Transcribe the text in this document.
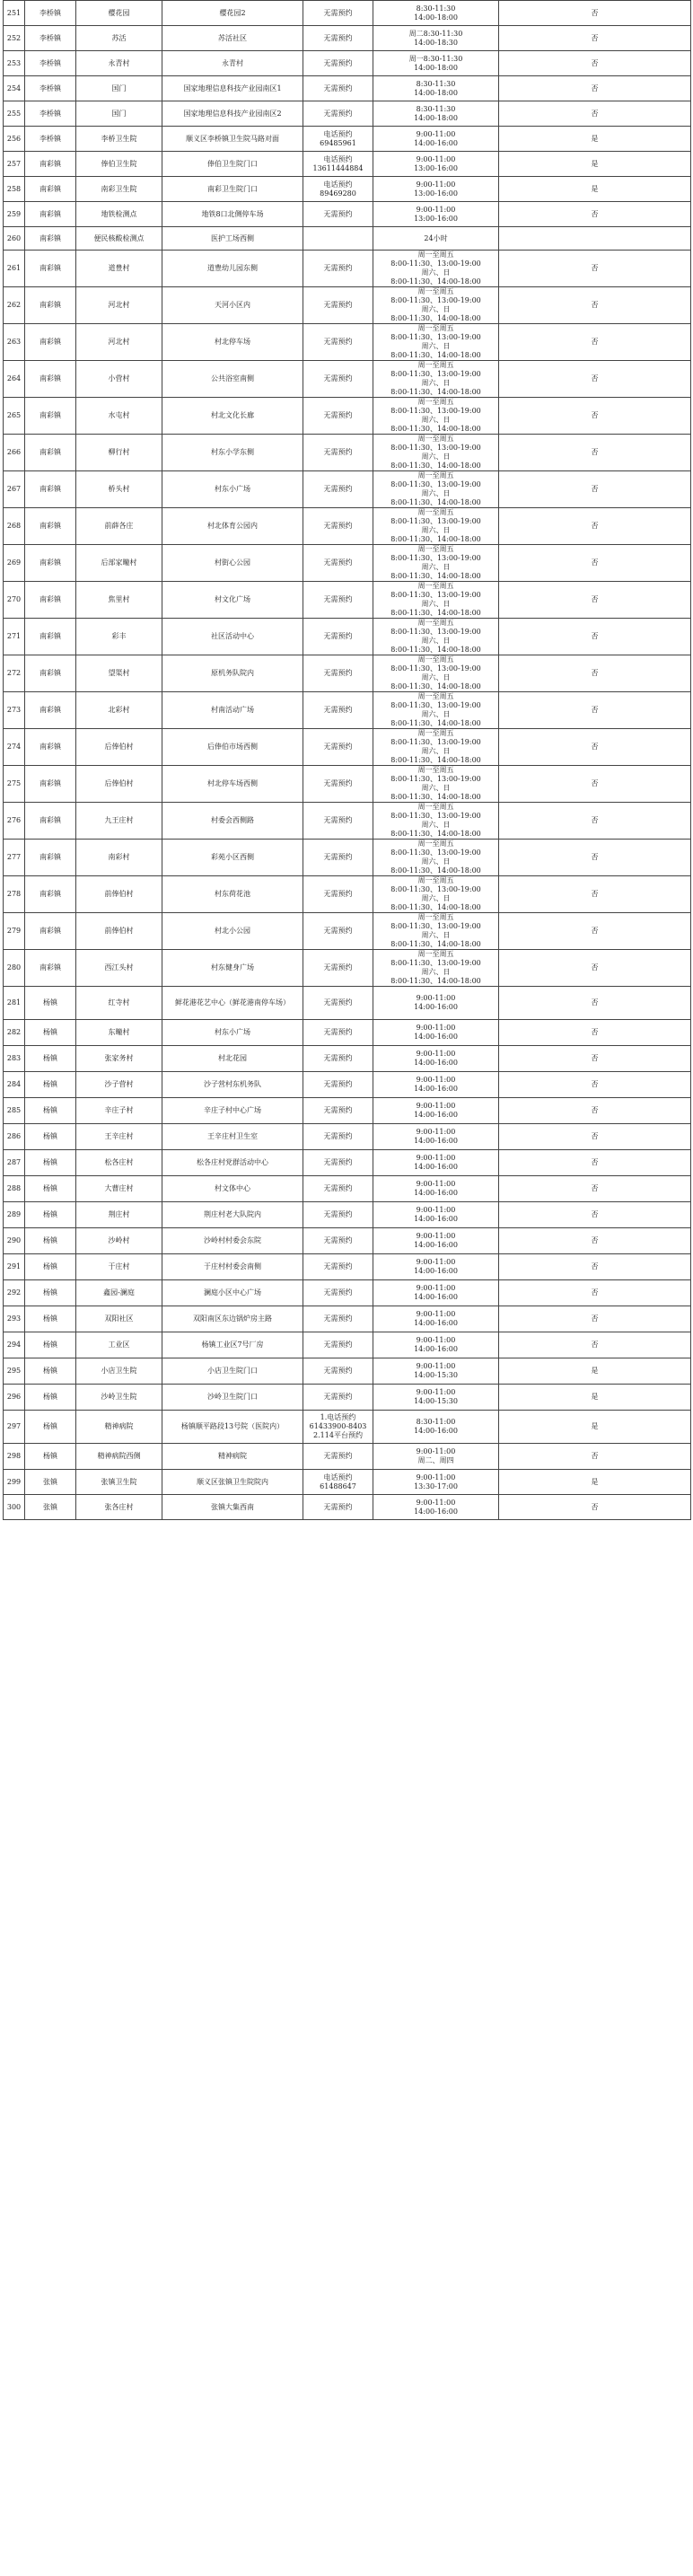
251	李桥镇	樱花园	樱花园2	无需预约	8:30-11:30
14:00-18:00	否
252	李桥镇	苏活	苏活社区	无需预约	周二8:30-11:30
14:00-18:30	否
253	李桥镇	永青村	永青村	无需预约	周一8:30-11:30
14:00-18:00	否
254	李桥镇	国门	国家地理信息科技产业园南区1	无需预约	8:30-11:30
14:00-18:00	否
255	李桥镇	国门	国家地理信息科技产业园南区2	无需预约	8:30-11:30
14:00-18:00	否
256	李桥镇	李桥卫生院	顺义区李桥镇卫生院马路对面	电话预约
69485961	9:00-11:00
14:00-16:00	是
257	南彩镇	俸伯卫生院	俸伯卫生院门口	电话预约
13611444884	9:00-11:00
13:00-16:00	是
258	南彩镇	南彩卫生院	南彩卫生院门口	电话预约
89469280	9:00-11:00
13:00-16:00	是
259	南彩镇	地铁检测点	地铁8口北侧停车场	无需预约	9:00-11:00
13:00-16:00	否
260	南彩镇	便民核酸检测点	医护工场西侧		24小时	
261	南彩镇	道豊村	道豊幼儿园东侧	无需预约	周一至周五
8:00-11:30、13:00-19:00
周六、日
8:00-11:30、14:00-18:00	否
262	南彩镇	河北村	天河小区内	无需预约	周一至周五
8:00-11:30、13:00-19:00
周六、日
8:00-11:30、14:00-18:00	否
263	南彩镇	河北村	村北停车场	无需预约	周一至周五
8:00-11:30、13:00-19:00
周六、日
8:00-11:30、14:00-18:00	否
264	南彩镇	小营村	公共浴室南侧	无需预约	周一至周五
8:00-11:30、13:00-19:00
周六、日
8:00-11:30、14:00-18:00	否
265	南彩镇	水屯村	村北文化长廊	无需预约	周一至周五
8:00-11:30、13:00-19:00
周六、日
8:00-11:30、14:00-18:00	否
266	南彩镇	柳行村	村东小学东侧	无需预约	周一至周五
8:00-11:30、13:00-19:00
周六、日
8:00-11:30、14:00-18:00	否
267	南彩镇	桥头村	村东小广场	无需预约	周一至周五
8:00-11:30、13:00-19:00
周六、日
8:00-11:30、14:00-18:00	否
268	南彩镇	前薛各庄	村北体育公园内	无需预约	周一至周五
8:00-11:30、13:00-19:00
周六、日
8:00-11:30、14:00-18:00	否
269	南彩镇	后部家疃村	村街心公园	无需预约	周一至周五
8:00-11:30、13:00-19:00
周六、日
8:00-11:30、14:00-18:00	否
270	南彩镇	焦里村	村文化广场	无需预约	周一至周五
8:00-11:30、13:00-19:00
周六、日
8:00-11:30、14:00-18:00	否
271	南彩镇	彩丰	社区活动中心	无需预约	周一至周五
8:00-11:30、13:00-19:00
周六、日
8:00-11:30、14:00-18:00	否
272	南彩镇	望渠村	原机务队院内	无需预约	周一至周五
8:00-11:30、13:00-19:00
周六、日
8:00-11:30、14:00-18:00	否
273	南彩镇	北彩村	村南活动广场	无需预约	周一至周五
8:00-11:30、13:00-19:00
周六、日
8:00-11:30、14:00-18:00	否
274	南彩镇	后俸伯村	后俸伯市场西侧	无需预约	周一至周五
8:00-11:30、13:00-19:00
周六、日
8:00-11:30、14:00-18:00	否
275	南彩镇	后俸伯村	村北停车场西侧	无需预约	周一至周五
8:00-11:30、13:00-19:00
周六、日
8:00-11:30、14:00-18:00	否
276	南彩镇	九王庄村	村委会西侧路	无需预约	周一至周五
8:00-11:30、13:00-19:00
周六、日
8:00-11:30、14:00-18:00	否
277	南彩镇	南彩村	彩苑小区西侧	无需预约	周一至周五
8:00-11:30、13:00-19:00
周六、日
8:00-11:30、14:00-18:00	否
278	南彩镇	前俸伯村	村东荷花池	无需预约	周一至周五
8:00-11:30、13:00-19:00
周六、日
8:00-11:30、14:00-18:00	否
279	南彩镇	前俸伯村	村北小公园	无需预约	周一至周五
8:00-11:30、13:00-19:00
周六、日
8:00-11:30、14:00-18:00	否
280	南彩镇	西江头村	村东健身广场	无需预约	周一至周五
8:00-11:30、13:00-19:00
周六、日
8:00-11:30、14:00-18:00	否
281	杨镇	红寺村	鲜花港花艺中心（鲜花港南停车场）	无需预约	9:00-11:00
14:00-16:00	否
282	杨镇	东疃村	村东小广场	无需预约	9:00-11:00
14:00-16:00	否
283	杨镇	张家务村	村北花园	无需预约	9:00-11:00
14:00-16:00	否
284	杨镇	沙子营村	沙子营村东机务队	无需预约	9:00-11:00
14:00-16:00	否
285	杨镇	辛庄子村	辛庄子村中心广场	无需预约	9:00-11:00
14:00-16:00	否
286	杨镇	王辛庄村	王辛庄村卫生室	无需预约	9:00-11:00
14:00-16:00	否
287	杨镇	松各庄村	松各庄村党群活动中心	无需预约	9:00-11:00
14:00-16:00	否
288	杨镇	大曹庄村	村文体中心	无需预约	9:00-11:00
14:00-16:00	否
289	杨镇	荆庄村	荆庄村老大队院内	无需预约	9:00-11:00
14:00-16:00	否
290	杨镇	沙岭村	沙岭村村委会东院	无需预约	9:00-11:00
14:00-16:00	否
291	杨镇	于庄村	于庄村村委会南侧	无需预约	9:00-11:00
14:00-16:00	否
292	杨镇	鑫园-澜庭	澜庭小区中心广场	无需预约	9:00-11:00
14:00-16:00	否
293	杨镇	双阳社区	双阳南区东边锅炉房主路	无需预约	9:00-11:00
14:00-16:00	否
294	杨镇	工业区	杨镇工业区7号厂房	无需预约	9:00-11:00
14:00-16:00	否
295	杨镇	小店卫生院	小店卫生院门口	无需预约	9:00-11:00
14:00-15:30	是
296	杨镇	沙岭卫生院	沙岭卫生院门口	无需预约	9:00-11:00
14:00-15:30	是
297	杨镇	精神病院	杨镇顺平路段13号院（医院内）	1.电话预约
61433900-8403
2.114平台预约	8:30-11:00
14:00-16:00	是
298	杨镇	精神病院西侧	精神病院	无需预约	9:00-11:00
周二、周四	否
299	张镇	张镇卫生院	顺义区张镇卫生院院内	电话预约
61488647	9:00-11:00
13:30-17:00	是
300	张镇	张各庄村	张镇大集西南	无需预约	9:00-11:00
14:00-16:00	否
